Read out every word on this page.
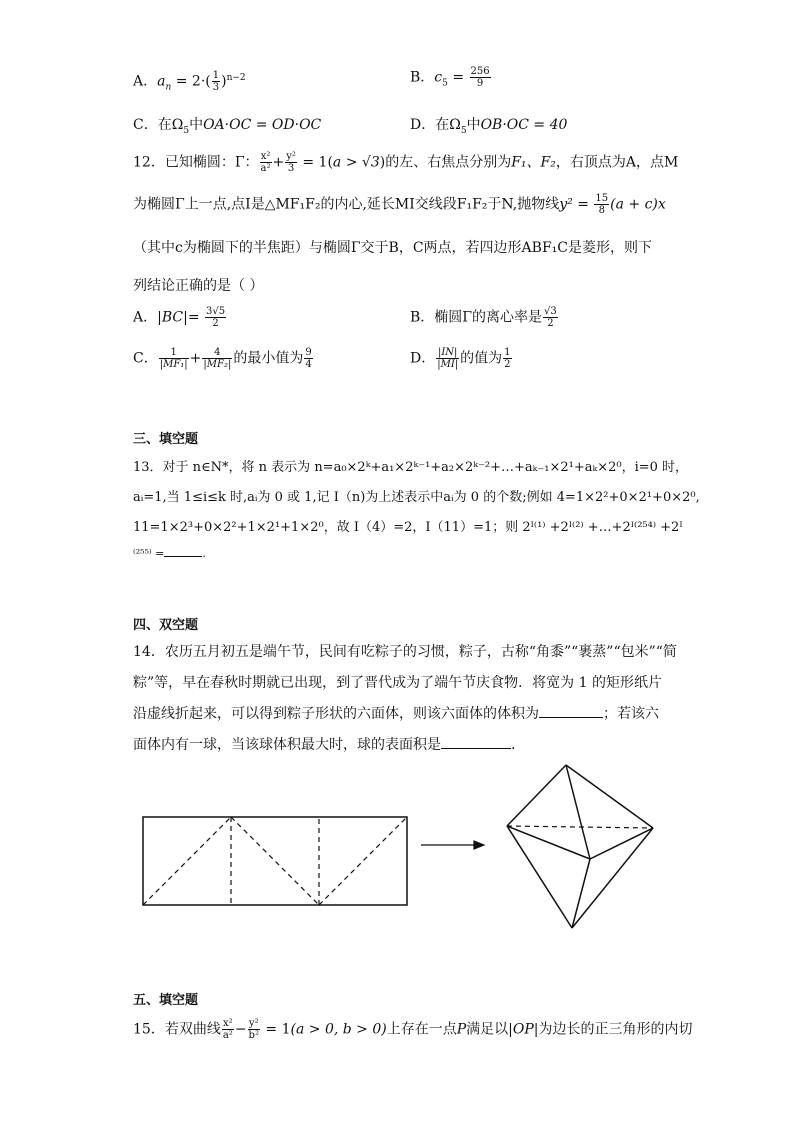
A．$a_n = 2\cdot( \frac{1}{3} )^{n-2}$	B．$c_5 = \frac{256}{9}$
C．在$\Omega_5$中OA·OC = OD·OC	D．在$\Omega_5$中OB·OC = 40
12．已知椭圆：Γ： $\frac{\text{x²}}{\text{a²}} + \frac{\text{y²}}{3} = 1(a > √3)$的左、右焦点分别为F₁、F₂，右顶点为A，点M
为椭圆Γ上一点,点I是△MF₁F₂的内心,延长MI交线段F₁F₂于N,抛物线$y^2 = \frac{15}{8} (a + c)x$
（其中c为椭圆下的半焦距）与椭圆Γ交于B，C两点，若四边形ABF₁C是菱形，则下
列结论正确的是（ ）
A．$|BC|= \frac{3√5}{2}$	B．椭圆Γ的离心率是 $\frac{√3}{2}$
C． $\frac{1}{\text{|MF₁|}} + \frac{4}{\text{|MF₂|}}$ 的最小值为 $\frac{9}{4}$	D． $\frac{|IN|}{|MI|}$ 的值为 $\frac{1}{2}$
三、填空题
13．对于 n∈N*，将 n 表示为 n=a₀×2ᵏ+a₁×2ᵏ⁻¹+a₂×2ᵏ⁻²+…+aₖ₋₁×2¹+aₖ×2⁰，i=0 时，
aᵢ=1,当 1≤i≤k 时,aᵢ为 0 或 1,记 I（n)为上述表示中aᵢ为 0 的个数;例如 4=1×2²+0×2¹+0×2⁰,
11=1×2³+0×2²+1×2¹+1×2⁰，故 I（4）=2，I（11）=1；则 2ᴵ⁽¹⁾ +2ᴵ⁽²⁾ +…+2ᴵ⁽²⁵⁴⁾ +2ᴵ
⁽²⁵⁵⁾ =	.
四、双空题
14．农历五月初五是端午节，民间有吃粽子的习惯，粽子，古称“角黍”“裹蒸”“包米”“简
粽”等，早在春秋时期就已出现，到了晋代成为了端午节庆食物．将宽为 1 的矩形纸片
沿虚线折起来，可以得到粽子形状的六面体，则该六面体的体积为	；若该六
面体内有一球，当该球体积最大时，球的表面积是	.
五、填空题
15．若双曲线 $\frac{\text{x²}}{\text{a²}} - \frac{\text{y²}}{\text{b²}} = 1(a > 0$, b > 0)上存在一点P满足以|OP|为边长的正三角形的内切
